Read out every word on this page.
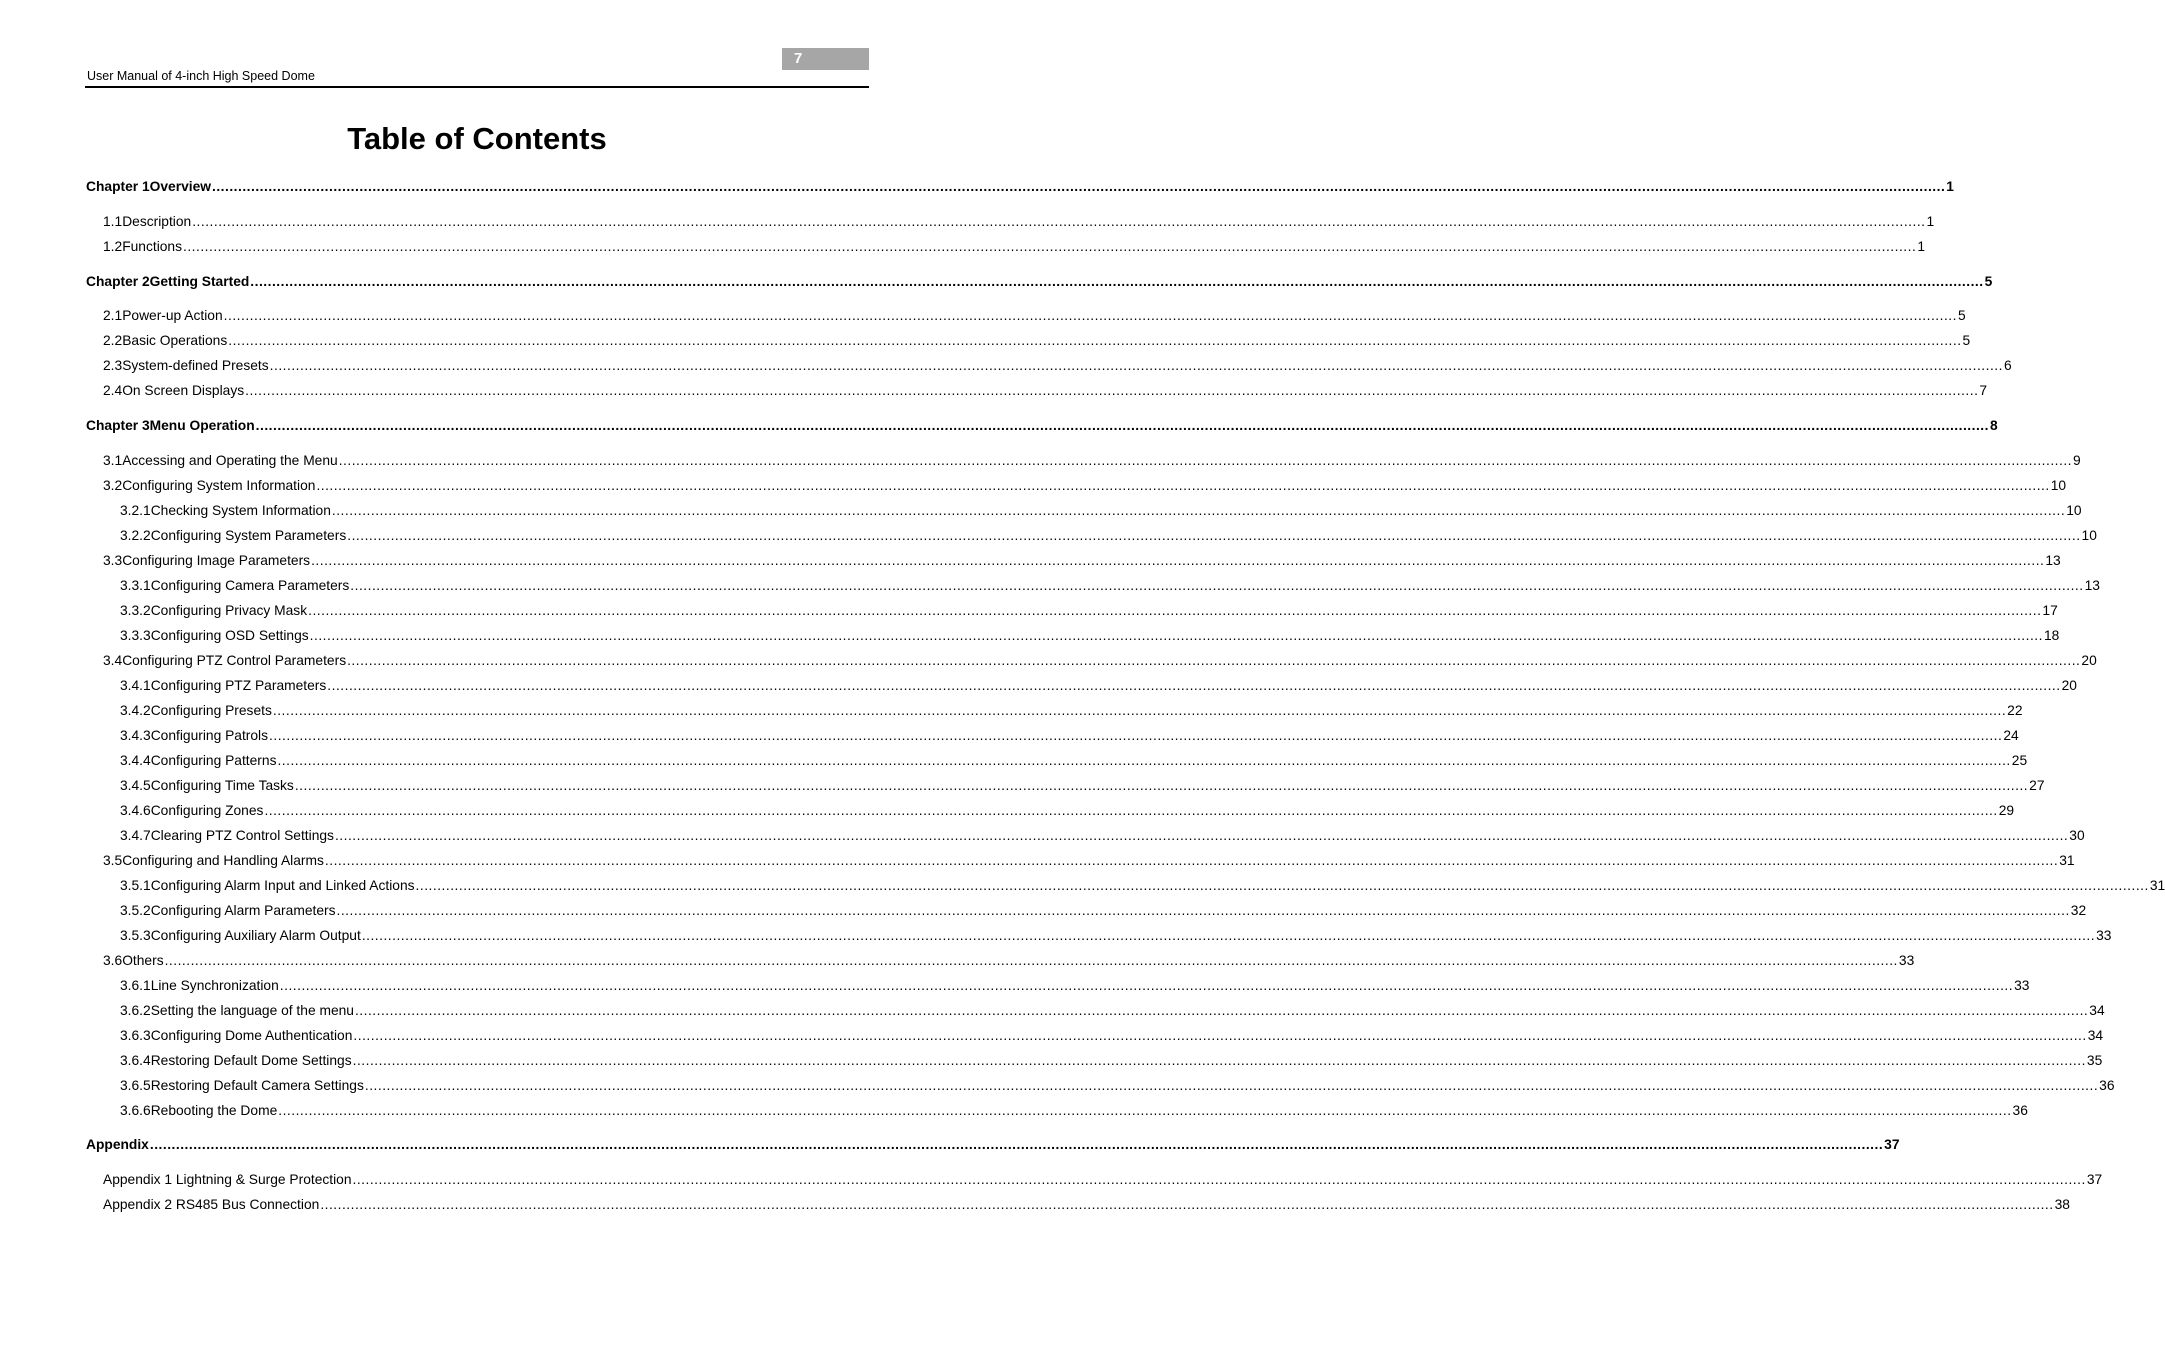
7
User Manual of 4-inch High Speed Dome
Table of Contents
Chapter 1 Overview ................................................................................................................................................................................................................................................................................................................................................................................................................ 1
1.1 Description ................................................................................................................................................................................................................................................................................................................................................................................................................ 1
1.2 Functions ................................................................................................................................................................................................................................................................................................................................................................................................................ 1
Chapter 2 Getting Started ................................................................................................................................................................................................................................................................................................................................................................................................................ 5
2.1 Power-up Action ................................................................................................................................................................................................................................................................................................................................................................................................................ 5
2.2 Basic Operations ................................................................................................................................................................................................................................................................................................................................................................................................................ 5
2.3 System-defined Presets ................................................................................................................................................................................................................................................................................................................................................................................................................ 6
2.4 On Screen Displays ................................................................................................................................................................................................................................................................................................................................................................................................................ 7
Chapter 3 Menu Operation ................................................................................................................................................................................................................................................................................................................................................................................................................ 8
3.1 Accessing and Operating the Menu ................................................................................................................................................................................................................................................................................................................................................................................................................ 9
3.2 Configuring System Information ................................................................................................................................................................................................................................................................................................................................................................................................................ 10
3.2.1 Checking System Information ................................................................................................................................................................................................................................................................................................................................................................................................................ 10
3.2.2 Configuring System Parameters ................................................................................................................................................................................................................................................................................................................................................................................................................ 10
3.3 Configuring Image Parameters ................................................................................................................................................................................................................................................................................................................................................................................................................ 13
3.3.1 Configuring Camera Parameters ................................................................................................................................................................................................................................................................................................................................................................................................................ 13
3.3.2 Configuring Privacy Mask ................................................................................................................................................................................................................................................................................................................................................................................................................ 17
3.3.3 Configuring OSD Settings ................................................................................................................................................................................................................................................................................................................................................................................................................ 18
3.4 Configuring PTZ Control Parameters ................................................................................................................................................................................................................................................................................................................................................................................................................ 20
3.4.1 Configuring PTZ Parameters ................................................................................................................................................................................................................................................................................................................................................................................................................ 20
3.4.2 Configuring Presets ................................................................................................................................................................................................................................................................................................................................................................................................................ 22
3.4.3 Configuring Patrols ................................................................................................................................................................................................................................................................................................................................................................................................................ 24
3.4.4 Configuring Patterns ................................................................................................................................................................................................................................................................................................................................................................................................................ 25
3.4.5 Configuring Time Tasks ................................................................................................................................................................................................................................................................................................................................................................................................................ 27
3.4.6 Configuring Zones ................................................................................................................................................................................................................................................................................................................................................................................................................ 29
3.4.7 Clearing PTZ Control Settings ................................................................................................................................................................................................................................................................................................................................................................................................................ 30
3.5 Configuring and Handling Alarms ................................................................................................................................................................................................................................................................................................................................................................................................................ 31
3.5.1 Configuring Alarm Input and Linked Actions ................................................................................................................................................................................................................................................................................................................................................................................................................ 31
3.5.2 Configuring Alarm Parameters ................................................................................................................................................................................................................................................................................................................................................................................................................ 32
3.5.3 Configuring Auxiliary Alarm Output ................................................................................................................................................................................................................................................................................................................................................................................................................ 33
3.6 Others ................................................................................................................................................................................................................................................................................................................................................................................................................ 33
3.6.1 Line Synchronization ................................................................................................................................................................................................................................................................................................................................................................................................................ 33
3.6.2 Setting the language of the menu ................................................................................................................................................................................................................................................................................................................................................................................................................ 34
3.6.3 Configuring Dome Authentication ................................................................................................................................................................................................................................................................................................................................................................................................................ 34
3.6.4 Restoring Default Dome Settings ................................................................................................................................................................................................................................................................................................................................................................................................................ 35
3.6.5 Restoring Default Camera Settings ................................................................................................................................................................................................................................................................................................................................................................................................................ 36
3.6.6 Rebooting the Dome ................................................................................................................................................................................................................................................................................................................................................................................................................ 36
Appendix ................................................................................................................................................................................................................................................................................................................................................................................................................ 37
Appendix 1 Lightning & Surge Protection ................................................................................................................................................................................................................................................................................................................................................................................................................ 37
Appendix 2 RS485 Bus Connection ................................................................................................................................................................................................................................................................................................................................................................................................................ 38
